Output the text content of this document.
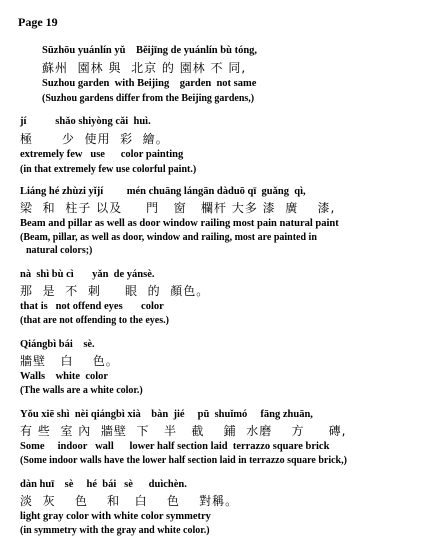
Page 19
Sūzhōu yuánlín yǔ    Běijīng de yuánlín bù tóng,
蘇州  園林 與  北京 的 園林 不 同,
Suzhou garden  with Beijing    garden  not same
(Suzhou gardens differ from the Beijing gardens,)
jí           shǎo shiyòng cǎi  huì.
極      少  使用  彩  繪。
extremely few   use      color painting
(in that extremely few use colorful paint.)
Liáng hé zhùzi yǐjí         mén chuāng lángān dàduō qī  guǎng  qì,
梁  和  柱子 以及     門   窗   欄杆 大多 漆  廣    漆,
Beam and pillar as well as door window railing most pain natural paint
(Beam, pillar, as well as door, window and railing, most are painted in
natural colors;)
nà  shì bù cì       yǎn  de yánsè.
那  是  不  刺     眼  的  顏色。
that is   not offend eyes       color
(that are not offending to the eyes.)
Qiángbì bái    sè.
牆壁   白    色。
Walls    white  color
(The walls are a white color.)
Yǒu xiē shì  nèi qiángbì xià    bàn  jié     pū  shuǐmó     fāng zhuān,
有 些  室 內  牆壁  下   半   截    鋪  水磨    方     磚,
Some     indoor   wall      lower half section laid  terrazzo square brick
(Some indoor walls have the lower half section laid in terrazzo square brick,)
dàn huī    sè     hé  bái   sè      duìchèn.
淡  灰    色    和   白    色    對稱。
light gray color with white color symmetry
(in symmetry with the gray and white color.)
